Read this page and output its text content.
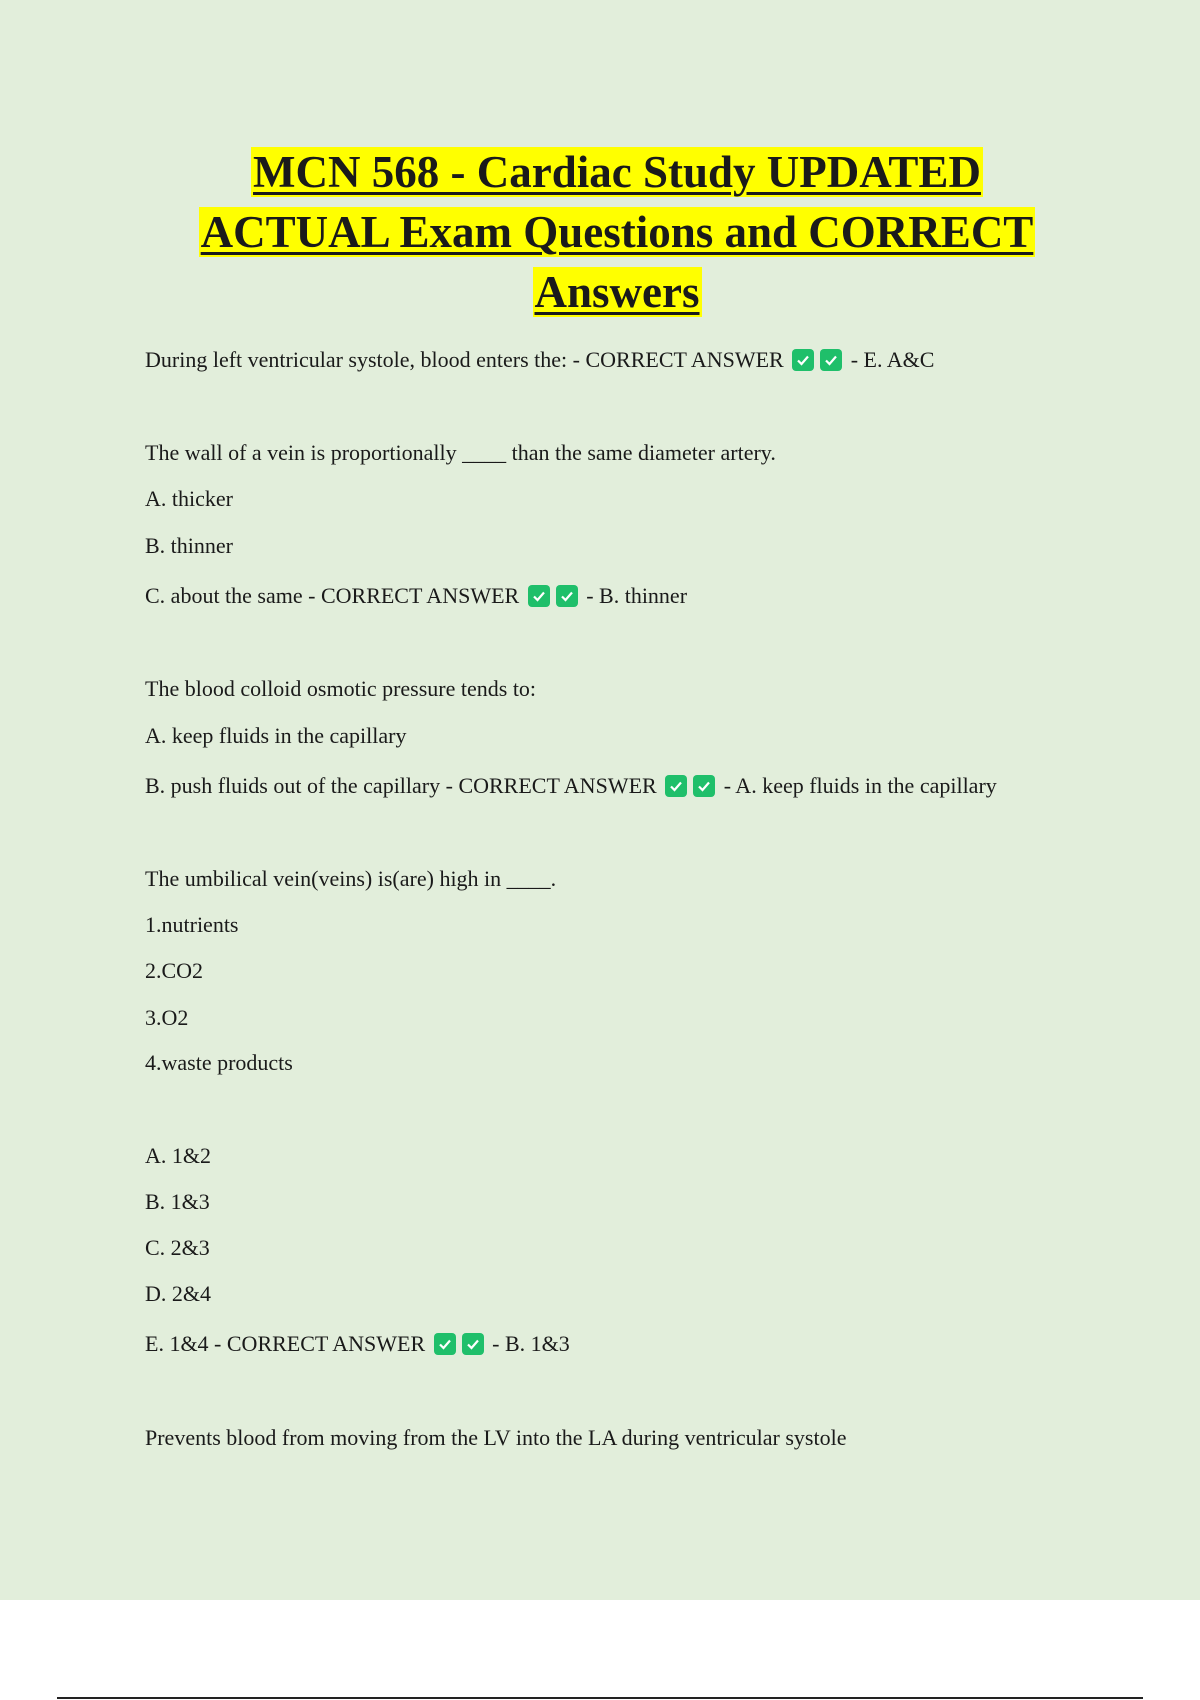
MCN 568 - Cardiac Study UPDATED
ACTUAL Exam Questions and CORRECT
Answers
During left ventricular systole, blood enters the: - CORRECT ANSWER	- E. A&C
The wall of a vein is proportionally ____ than the same diameter artery.
A. thicker
B. thinner
C. about the same - CORRECT ANSWER	- B. thinner
The blood colloid osmotic pressure tends to:
A. keep fluids in the capillary
B. push fluids out of the capillary - CORRECT ANSWER	- A. keep fluids in the capillary
The umbilical vein(veins) is(are) high in ____.
1.nutrients
2.CO2
3.O2
4.waste products
A. 1&2
B. 1&3
C. 2&3
D. 2&4
E. 1&4 - CORRECT ANSWER	- B. 1&3
Prevents blood from moving from the LV into the LA during ventricular systole
